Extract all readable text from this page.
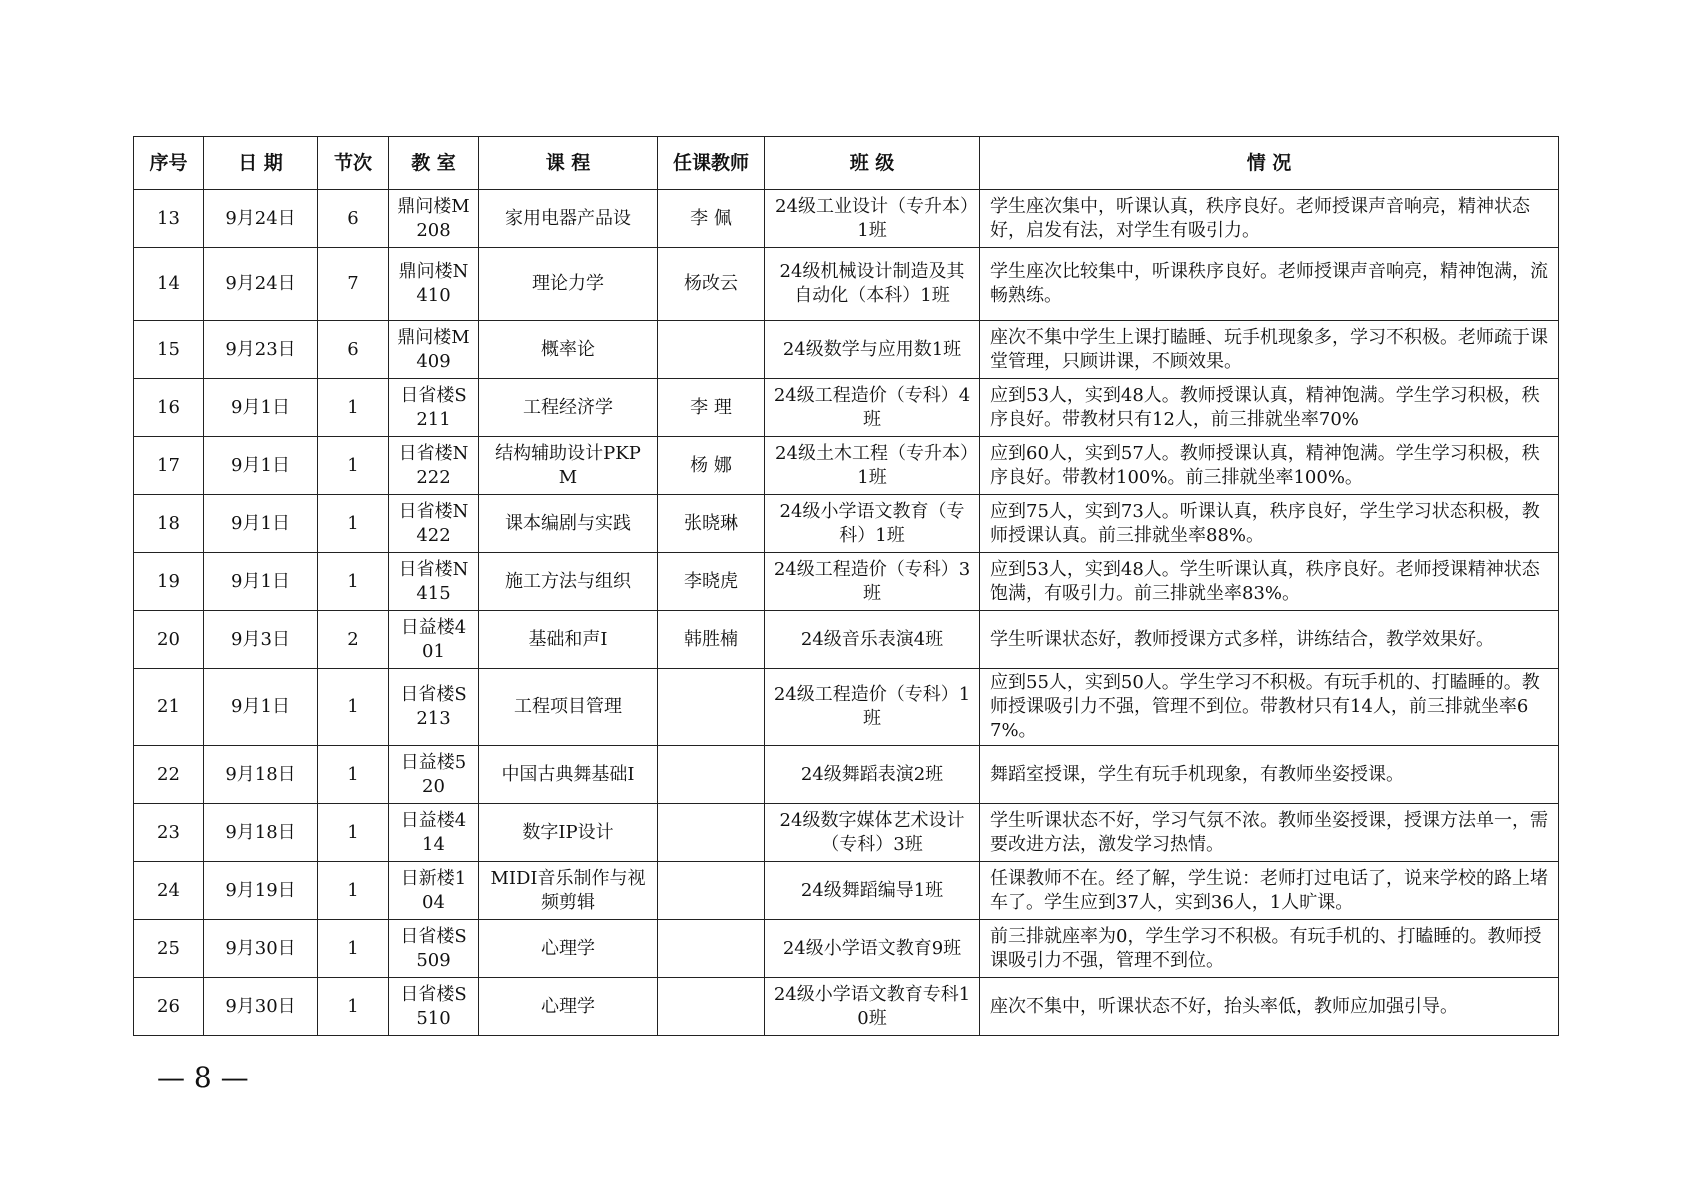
序号	日 期	节次	教 室	课 程	任课教师	班 级	情 况
13	9月24日	6	鼎问楼M208	家用电器产品设	李 佩	24级工业设计（专升本）1班	学生座次集中，听课认真，秩序良好。老师授课声音响亮，精神状态好，启发有法，对学生有吸引力。
14	9月24日	7	鼎问楼N410	理论力学	杨改云	24级机械设计制造及其自动化（本科）1班	学生座次比较集中，听课秩序良好。老师授课声音响亮，精神饱满，流畅熟练。
15	9月23日	6	鼎问楼M409	概率论		24级数学与应用数1班	座次不集中学生上课打瞌睡、玩手机现象多，学习不积极。老师疏于课堂管理，只顾讲课，不顾效果。
16	9月1日	1	日省楼S211	工程经济学	李 理	24级工程造价（专科）4班	应到53人，实到48人。教师授课认真，精神饱满。学生学习积极，秩序良好。带教材只有12人，前三排就坐率70%
17	9月1日	1	日省楼N222	结构辅助设计PKPM	杨 娜	24级土木工程（专升本）1班	应到60人，实到57人。教师授课认真，精神饱满。学生学习积极，秩序良好。带教材100%。前三排就坐率100%。
18	9月1日	1	日省楼N422	课本编剧与实践	张晓琳	24级小学语文教育（专科）1班	应到75人，实到73人。听课认真，秩序良好，学生学习状态积极，教师授课认真。前三排就坐率88%。
19	9月1日	1	日省楼N415	施工方法与组织	李晓虎	24级工程造价（专科）3班	应到53人，实到48人。学生听课认真，秩序良好。老师授课精神状态饱满，有吸引力。前三排就坐率83%。
20	9月3日	2	日益楼401	基础和声Ⅰ	韩胜楠	24级音乐表演4班	学生听课状态好，教师授课方式多样，讲练结合，教学效果好。
21	9月1日	1	日省楼S213	工程项目管理		24级工程造价（专科）1班	应到55人，实到50人。学生学习不积极。有玩手机的、打瞌睡的。教师授课吸引力不强，管理不到位。带教材只有14人，前三排就坐率67%。
22	9月18日	1	日益楼520	中国古典舞基础Ⅰ		24级舞蹈表演2班	舞蹈室授课，学生有玩手机现象，有教师坐姿授课。
23	9月18日	1	日益楼414	数字IP设计		24级数字媒体艺术设计（专科）3班	学生听课状态不好，学习气氛不浓。教师坐姿授课，授课方法单一，需要改进方法，激发学习热情。
24	9月19日	1	日新楼104	MIDI音乐制作与视频剪辑		24级舞蹈编导1班	任课教师不在。经了解，学生说：老师打过电话了，说来学校的路上堵车了。学生应到37人，实到36人，1人旷课。
25	9月30日	1	日省楼S509	心理学		24级小学语文教育9班	前三排就座率为0，学生学习不积极。有玩手机的、打瞌睡的。教师授课吸引力不强，管理不到位。
26	9月30日	1	日省楼S510	心理学		24级小学语文教育专科10班	座次不集中，听课状态不好，抬头率低，教师应加强引导。
— 8 —
